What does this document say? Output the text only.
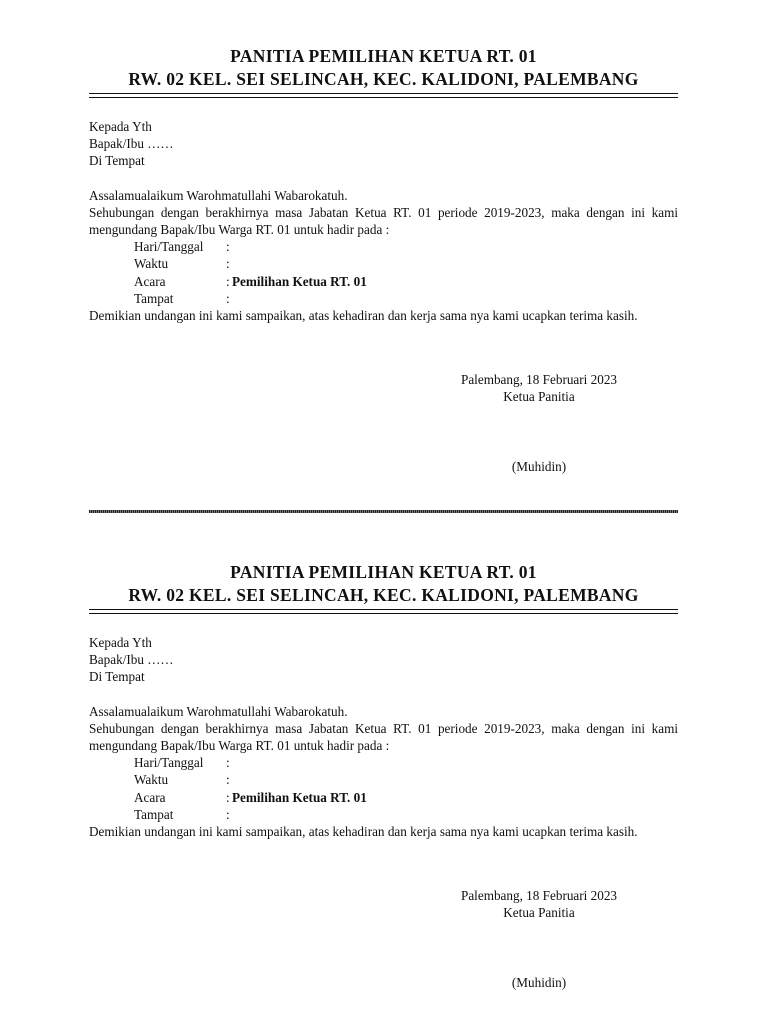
PANITIA PEMILIHAN KETUA RT. 01
RW. 02 KEL. SEI SELINCAH, KEC. KALIDONI, PALEMBANG
Kepada Yth
Bapak/Ibu ……
Di Tempat
Assalamualaikum Warohmatullahi Wabarokatuh.
Sehubungan dengan berakhirnya masa Jabatan Ketua RT. 01 periode 2019-2023, maka dengan ini kami mengundang Bapak/Ibu Warga RT. 01 untuk hadir pada :
Hari/Tanggal	:
Waktu	:
Acara	: Pemilihan Ketua RT. 01
Tampat	:
Demikian undangan ini kami sampaikan, atas kehadiran dan kerja sama nya kami ucapkan terima kasih.
Palembang, 18 Februari 2023
Ketua Panitia
(Muhidin)
PANITIA PEMILIHAN KETUA RT. 01
RW. 02 KEL. SEI SELINCAH, KEC. KALIDONI, PALEMBANG
Kepada Yth
Bapak/Ibu ……
Di Tempat
Assalamualaikum Warohmatullahi Wabarokatuh.
Sehubungan dengan berakhirnya masa Jabatan Ketua RT. 01 periode 2019-2023, maka dengan ini kami mengundang Bapak/Ibu Warga RT. 01 untuk hadir pada :
Hari/Tanggal	:
Waktu	:
Acara	: Pemilihan Ketua RT. 01
Tampat	:
Demikian undangan ini kami sampaikan, atas kehadiran dan kerja sama nya kami ucapkan terima kasih.
Palembang, 18 Februari 2023
Ketua Panitia
(Muhidin)
